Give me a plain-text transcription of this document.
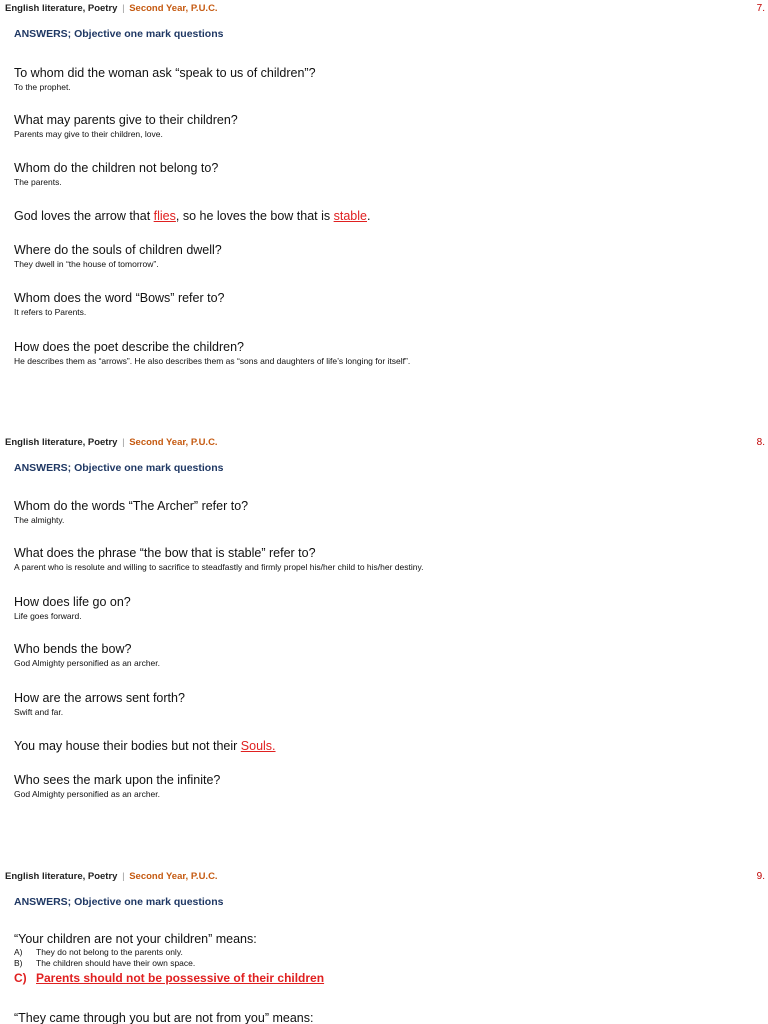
English literature, Poetry | Second Year, P.U.C.	7.
ANSWERS; Objective one mark questions
To whom did the woman ask “speak to us of children”?
To the prophet.
What may parents give to their children?
Parents may give to their children, love.
Whom do the children not belong to?
The parents.
God loves the arrow that flies, so he loves the bow that is stable.
Where do the souls of children dwell?
They dwell in “the house of tomorrow”.
Whom does the word “Bows” refer to?
It refers to Parents.
How does the poet describe the children?
He describes them as “arrows”. He also describes them as “sons and daughters of life’s longing for itself”.
English literature, Poetry | Second Year, P.U.C.	8.
ANSWERS; Objective one mark questions
Whom do the words “The Archer” refer to?
The almighty.
What does the phrase “the bow that is stable” refer to?
A parent who is resolute and willing to sacrifice to steadfastly and firmly propel his/her child to his/her destiny.
How does life go on?
Life goes forward.
Who bends the bow?
God Almighty personified as an archer.
How are the arrows sent forth?
Swift and far.
You may house their bodies but not their Souls.
Who sees the mark upon the infinite?
God Almighty personified as an archer.
English literature, Poetry | Second Year, P.U.C.	9.
ANSWERS; Objective one mark questions
“Your children are not your children” means:
A)	They do not belong to the parents only.
B)	The children should have their own space.
C) Parents should not be possessive of their children
“They came through you but are not from you” means:
